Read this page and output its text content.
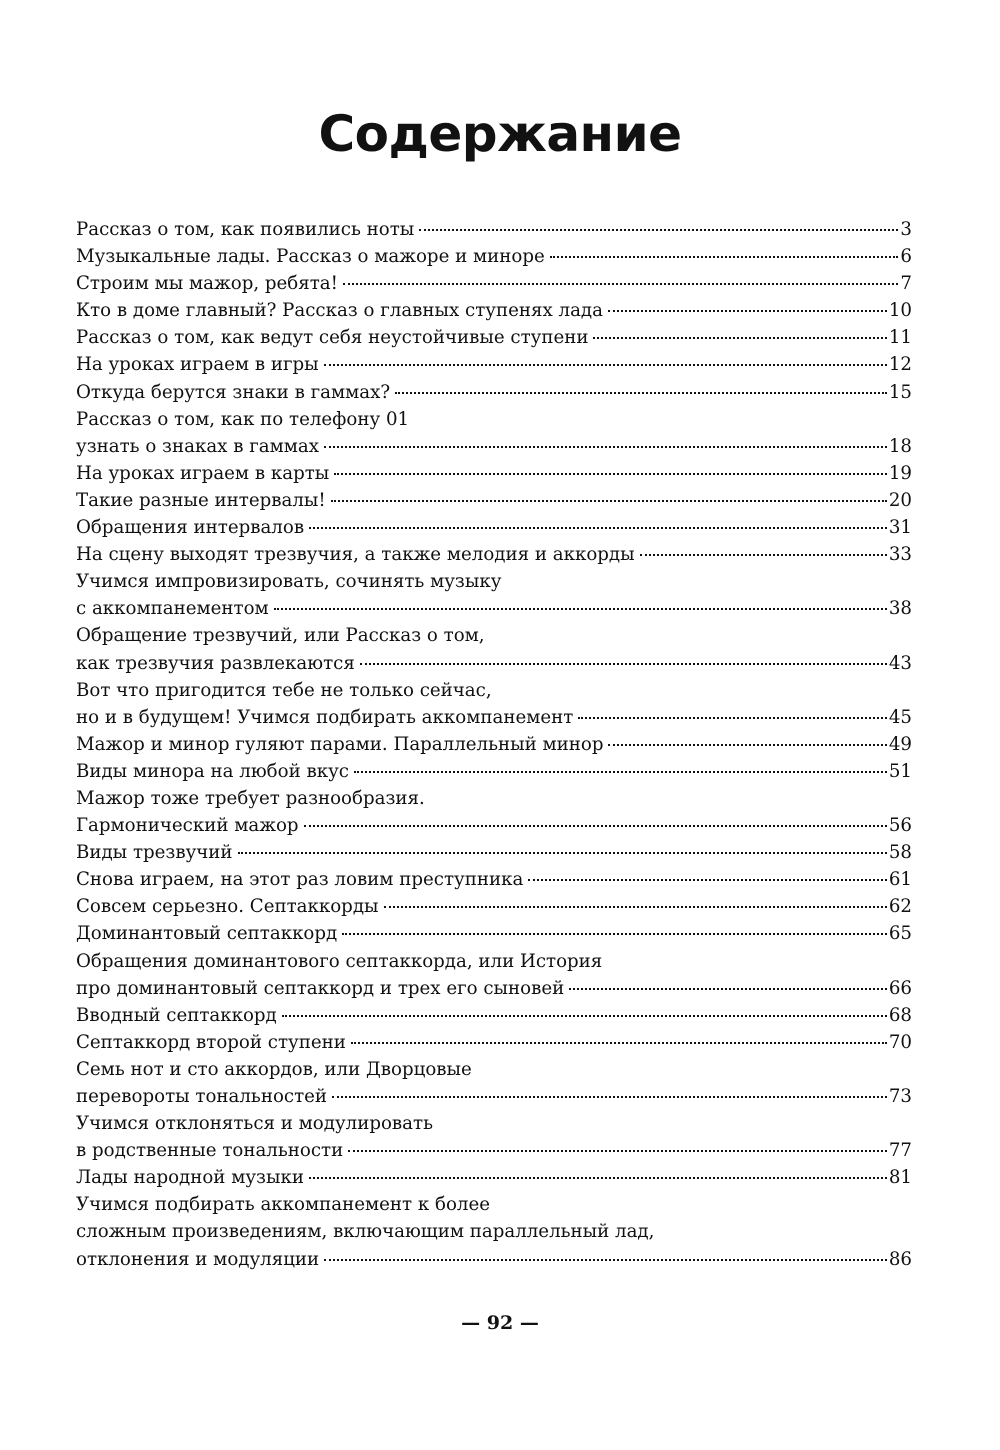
Содержание
Рассказ о том, как появились ноты	3
Музыкальные лады. Рассказ о мажоре и миноре	6
Строим мы мажор, ребята!	7
Кто в доме главный? Рассказ о главных ступенях лада	10
Рассказ о том, как ведут себя неустойчивые ступени	11
На уроках играем в игры	12
Откуда берутся знаки в гаммах?	15
Рассказ о том, как по телефону 01
узнать о знаках в гаммах	18
На уроках играем в карты	19
Такие разные интервалы!	20
Обращения интервалов	31
На сцену выходят трезвучия, а также мелодия и аккорды	33
Учимся импровизировать, сочинять музыку
с аккомпанементом	38
Обращение трезвучий, или Рассказ о том,
как трезвучия развлекаются	43
Вот что пригодится тебе не только сейчас,
но и в будущем! Учимся подбирать аккомпанемент	45
Мажор и минор гуляют парами. Параллельный минор	49
Виды минора на любой вкус	51
Мажор тоже требует разнообразия.
Гармонический мажор	56
Виды трезвучий	58
Снова играем, на этот раз ловим преступника	61
Совсем серьезно. Септаккорды	62
Доминантовый септаккорд	65
Обращения доминантового септаккорда, или История
про доминантовый септаккорд и трех его сыновей	66
Вводный септаккорд	68
Септаккорд второй ступени	70
Семь нот и сто аккордов, или Дворцовые
перевороты тональностей	73
Учимся отклоняться и модулировать
в родственные тональности	77
Лады народной музыки	81
Учимся подбирать аккомпанемент к более
сложным произведениям, включающим параллельный лад,
отклонения и модуляции	86
— 92 —
